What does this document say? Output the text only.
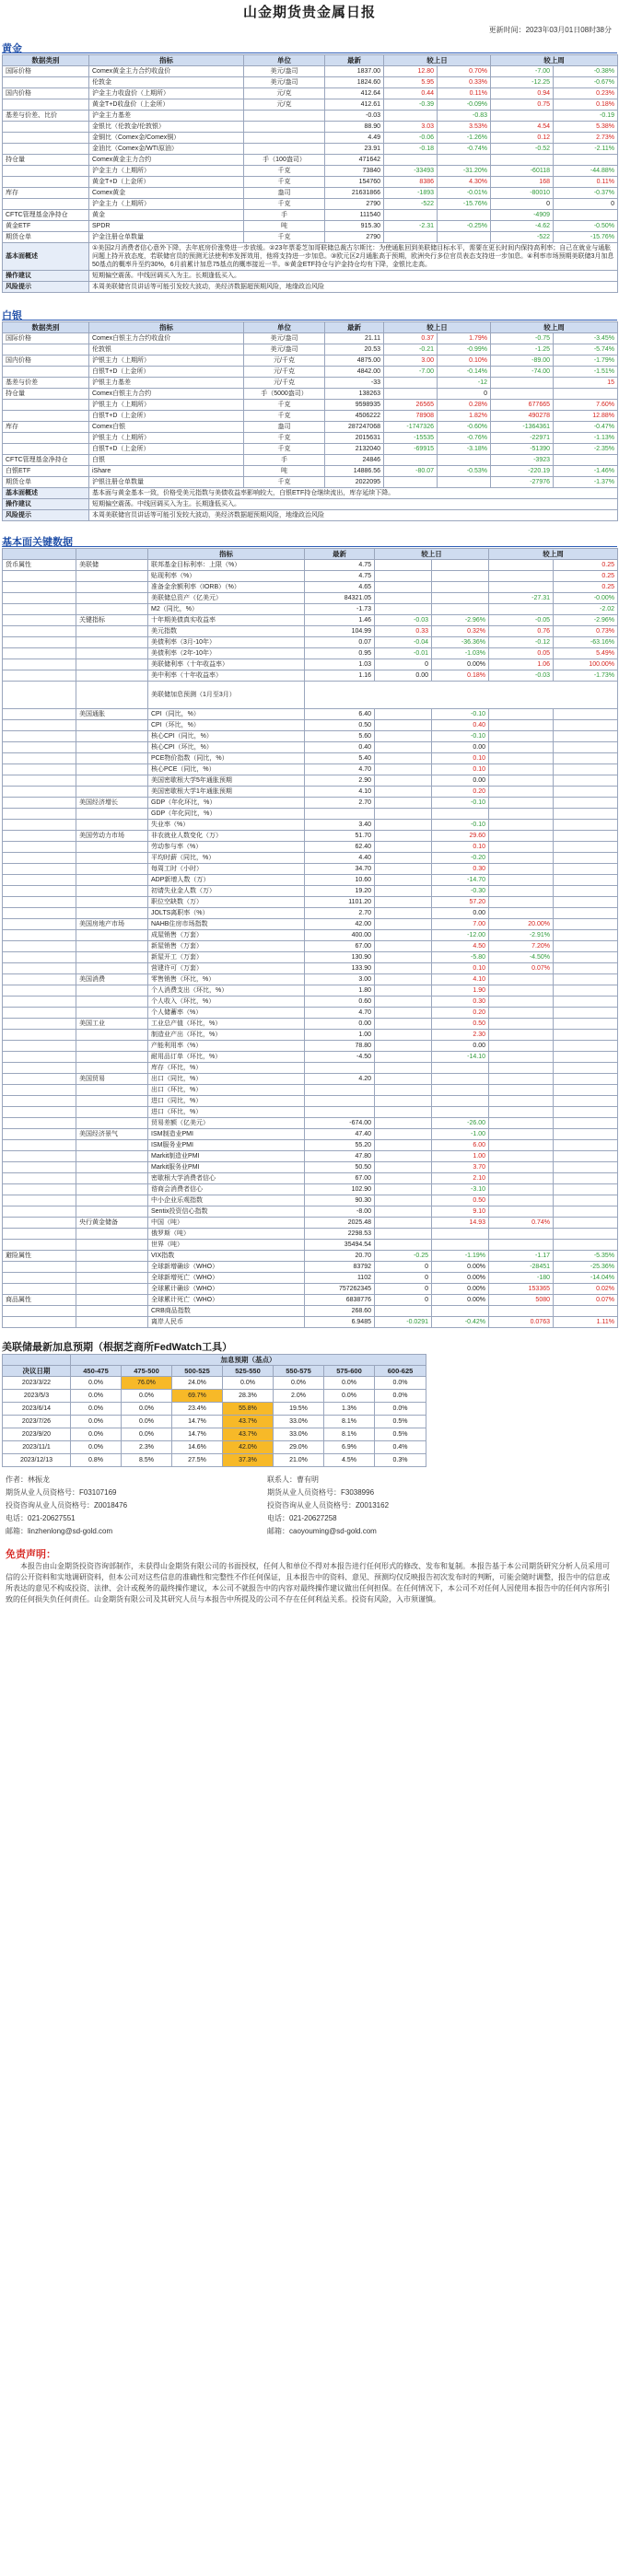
山金期货贵金属日报
更新时间：2023年03月01日08时38分
黄金
数据类别	指标	单位	最新	较上日		较上周	
国际价格	Comex黄金主力合约收盘价	美元/盎司	1837.00	12.80	0.70%	-7.00	-0.38%
	伦敦金	美元/盎司	1824.60	5.95	0.33%	-12.25	-0.67%
国内价格	沪金主力收盘价（上期所）	元/克	412.64	0.44	0.11%	0.94	0.23%
	黄金T+D收盘价（上金所）	元/克	412.61	-0.39	-0.09%	0.75	0.18%
基差与价差、比价	沪金主力基差		-0.03		-0.83		-0.19
	金银比（伦敦金/伦敦银）		88.90	3.03	3.53%	4.54	5.38%
	金铜比（Comex金/Comex铜）		4.49	-0.06	-1.26%	0.12	2.73%
	金油比（Comex金/WTI原油）		23.91	-0.18	-0.74%	-0.52	-2.11%
持仓量	Comex黄金主力合约	手（100盎司）	471642				
	沪金主力（上期所）	千克	73840	-33493	-31.20%	-60118	-44.88%
	黄金T+D（上金所）	千克	154760	8386	4.30%	168	0.11%
库存	Comex黄金	盎司	21631866	-1893	-0.01%	-80010	-0.37%
	沪金主力（上期所）	千克	2790	-522	-15.76%	0	0
CFTC管理基金净持仓	黄金	手	111540			-4909	
黄金ETF	SPDR	吨	915.30	-2.31	-0.25%	-4.62	-0.50%
期货仓单	沪金注册仓单数量	千克	2790			-522	-15.76%
基本面概述	①美国2月消费者信心意外下降，去年底房价涨势进一步放缓。②23年票委芝加哥联储总裁古尔斯比：为使通胀回到美联储目标水平，需要在更长时间内保持高利率；自己在就业与通胀问题上持开放态度，若联储官员的预测无法使利率发挥效用，他将支持进一步加息。③欧元区2月通胀高于预期，欧洲央行多位官员表态支持进一步加息。④利率市场预期美联储3月加息50基点的概率升至约30%，6月前累计加息75基点的概率接近一半。⑤黄金ETF持仓与沪金持仓均有下降，金银比走高。						
操作建议	短期偏空震荡。中线回调买入为主。长期逢低买入。						
风险提示	本周美联储官员讲话等可能引发较大波动，美经济数据超预期风险，地缘政治风险						
白银
数据类别	指标	单位	最新	较上日		较上周	
国际价格	Comex白银主力合约收盘价	美元/盎司	21.11	0.37	1.79%	-0.75	-3.45%
	伦敦银	美元/盎司	20.53	-0.21	-0.99%	-1.25	-5.74%
国内价格	沪银主力（上期所）	元/千克	4875.00	3.00	0.10%	-89.00	-1.79%
	白银T+D（上金所）	元/千克	4842.00	-7.00	-0.14%	-74.00	-1.51%
基差与价差	沪银主力基差	元/千克	-33		-12		15
持仓量	Comex白银主力合约	手（5000盎司）	138263		0		
	沪银主力（上期所）	千克	9598935	26565	0.28%	677665	7.60%
	白银T+D（上金所）	千克	4506222	78908	1.82%	490278	12.88%
库存	Comex白银	盎司	287247068	-1747326	-0.60%	-1364361	-0.47%
	沪银主力（上期所）	千克	2015631	-15535	-0.76%	-22971	-1.13%
	白银T+D（上金所）	千克	2132040	-69915	-3.18%	-51390	-2.35%
CFTC管理基金净持仓	白银	手	24846			-3923	
白银ETF	iShare	吨	14886.56	-80.07	-0.53%	-220.19	-1.46%
期货仓单	沪银注册仓单数量	千克	2022095			-27976	-1.37%
基本面概述	基本面与黄金基本一致，价格受美元指数与美债收益率影响较大，白银ETF持仓继续流出，库存延续下降。						
操作建议	短期偏空震荡。中线回调买入为主。长期逢低买入。						
风险提示	本周美联储官员讲话等可能引发较大波动，美经济数据超预期风险，地缘政治风险						
基本面关键数据
		指标	最新	较上日		较上周	
货币属性	美联储	联邦基金目标利率：上限（%）	4.75				0.25
		贴现利率（%）	4.75				0.25
		准备金余额利率（IORB）（%）	4.65				0.25
		美联储总资产（亿美元）	84321.05			-27.31	-0.00%
		M2（同比，%）	-1.73				-2.02
	关键指标	十年期美债真实收益率	1.46	-0.03	-2.96%	-0.05	-2.96%
		美元指数	104.99	0.33	0.32%	0.76	0.73%
		美债利率（3月-10年）	0.07	-0.04	-36.36%	-0.12	-63.16%
		美债利率（2年-10年）	0.95	-0.01	-1.03%	0.05	5.49%
		美联储利率（十年收益率）	1.03	0	0.00%	1.06	100.00%
		美中利率（十年收益率）	1.16	0.00	0.18%	-0.03	-1.73%
		美联储加息预测（1月至3月）					
	美国通胀	CPI（同比，%）	6.40		-0.10		
		CPI（环比，%）	0.50		0.40		
		核心CPI（同比，%）	5.60		-0.10		
		核心CPI（环比，%）	0.40		0.00		
		PCE物价指数（同比，%）	5.40		0.10		
		核心PCE（同比，%）	4.70		0.10		
		美国密歇根大学5年通胀预期	2.90		0.00		
		美国密歇根大学1年通胀预期	4.10		0.20		
	美国经济增长	GDP（年化环比，%）	2.70		-0.10		
		GDP（年化同比，%）					
		失业率（%）	3.40		-0.10		
	美国劳动力市场	非农就业人数变化（万）	51.70		29.60		
		劳动参与率（%）	62.40		0.10		
		平均时薪（同比，%）	4.40		-0.20		
		每周工时（小时）	34.70		0.30		
		ADP新增人数（万）	10.60		-14.70		
		初请失业金人数（万）	19.20		-0.30		
		职位空缺数（万）	1101.20		57.20		
		JOLTS离职率（%）	2.70		0.00		
	美国房地产市场	NAHB住房市场指数	42.00		7.00	20.00%	
		成屋销售（万套）	400.00		-12.00	-2.91%	
		新屋销售（万套）	67.00		4.50	7.20%	
		新屋开工（万套）	130.90		-5.80	-4.50%	
		营建许可（万套）	133.90		0.10	0.07%	
	美国消费	零售销售（环比，%）	3.00		4.10		
		个人消费支出（环比，%）	1.80		1.90		
		个人收入（环比，%）	0.60		0.30		
		个人储蓄率（%）	4.70		0.20		
	美国工业	工业总产值（环比，%）	0.00		0.50		
		制造业产出（环比，%）	1.00		2.30		
		产能利用率（%）	78.80		0.00		
		耐用品订单（环比，%）	-4.50		-14.10		
		库存（环比，%）					
	美国贸易	出口（同比，%）	4.20				
		出口（环比，%）					
		进口（同比，%）					
		进口（环比，%）					
		贸易差额（亿美元）	-674.00		-26.00		
	美国经济景气	ISM制造业PMI	47.40		-1.00		
		ISM服务业PMI	55.20		6.00		
		Markit制造业PMI	47.80		1.00		
		Markit服务业PMI	50.50		3.70		
		密歇根大学消费者信心	67.00		2.10		
		谘商会消费者信心	102.90		-3.10		
		中小企业乐观指数	90.30		0.50		
		Sentix投资信心指数	-8.00		9.10		
	央行黄金储备	中国（吨）	2025.48		14.93	0.74%	
		俄罗斯（吨）	2298.53				
		世界（吨）	35494.54				
避险属性		VIX指数	20.70	-0.25	-1.19%	-1.17	-5.35%
		全球新增确诊（WHO）	83792	0	0.00%	-28451	-25.36%
		全球新增死亡（WHO）	1102	0	0.00%	-180	-14.04%
		全球累计确诊（WHO）	757262345	0	0.00%	153365	0.02%
商品属性		全球累计死亡（WHO）	6838776	0	0.00%	5080	0.07%
		CRB商品指数	268.60				
		离岸人民币	6.9485	-0.0291	-0.42%	0.0763	1.11%
美联储最新加息预期（根据芝商所FedWatch工具）
	加息预期（基点）						
决议日期	450-475	475-500	500-525	525-550	550-575	575-600	600-625
2023/3/22	0.0%	76.0%	24.0%	0.0%	0.0%	0.0%	0.0%
2023/5/3	0.0%	0.0%	69.7%	28.3%	2.0%	0.0%	0.0%
2023/6/14	0.0%	0.0%	23.4%	55.8%	19.5%	1.3%	0.0%
2023/7/26	0.0%	0.0%	14.7%	43.7%	33.0%	8.1%	0.5%
2023/9/20	0.0%	0.0%	14.7%	43.7%	33.0%	8.1%	0.5%
2023/11/1	0.0%	2.3%	14.6%	42.0%	29.0%	6.9%	0.4%
2023/12/13	0.8%	8.5%	27.5%	37.3%	21.0%	4.5%	0.3%
作者：林振龙	联系人：曹有明
期货从业人员资格号：F03107169	期货从业人员资格号：F3038996
投资咨询从业人员资格号：Z0018476	投资咨询从业人员资格号：Z0013162
电话：021-20627551	电话：021-20627258
邮箱：linzhenlong@sd-gold.com	邮箱：caoyouming@sd-gold.com
免责声明：
本报告由山金期货投资咨询部制作，未获得山金期货有限公司的书面授权，任何人和单位不得对本报告进行任何形式的修改、发布和复制。本报告基于本公司期货研究分析人员采用可信的公开资料和实地调研资料，但本公司对这些信息的准确性和完整性不作任何保证，且本报告中的资料、意见、预测均仅反映报告初次发布时的判断，可能会随时调整，报告中的信息或所表达的意见不构成投资、法律、会计或税务的最终操作建议，本公司不就报告中的内容对最终操作建议做出任何担保。在任何情况下，本公司不对任何人因使用本报告中的任何内容所引致的任何损失负任何责任。山金期货有限公司及其研究人员与本报告中所提及的公司不存在任何利益关系。投资有风险，入市须谨慎。
